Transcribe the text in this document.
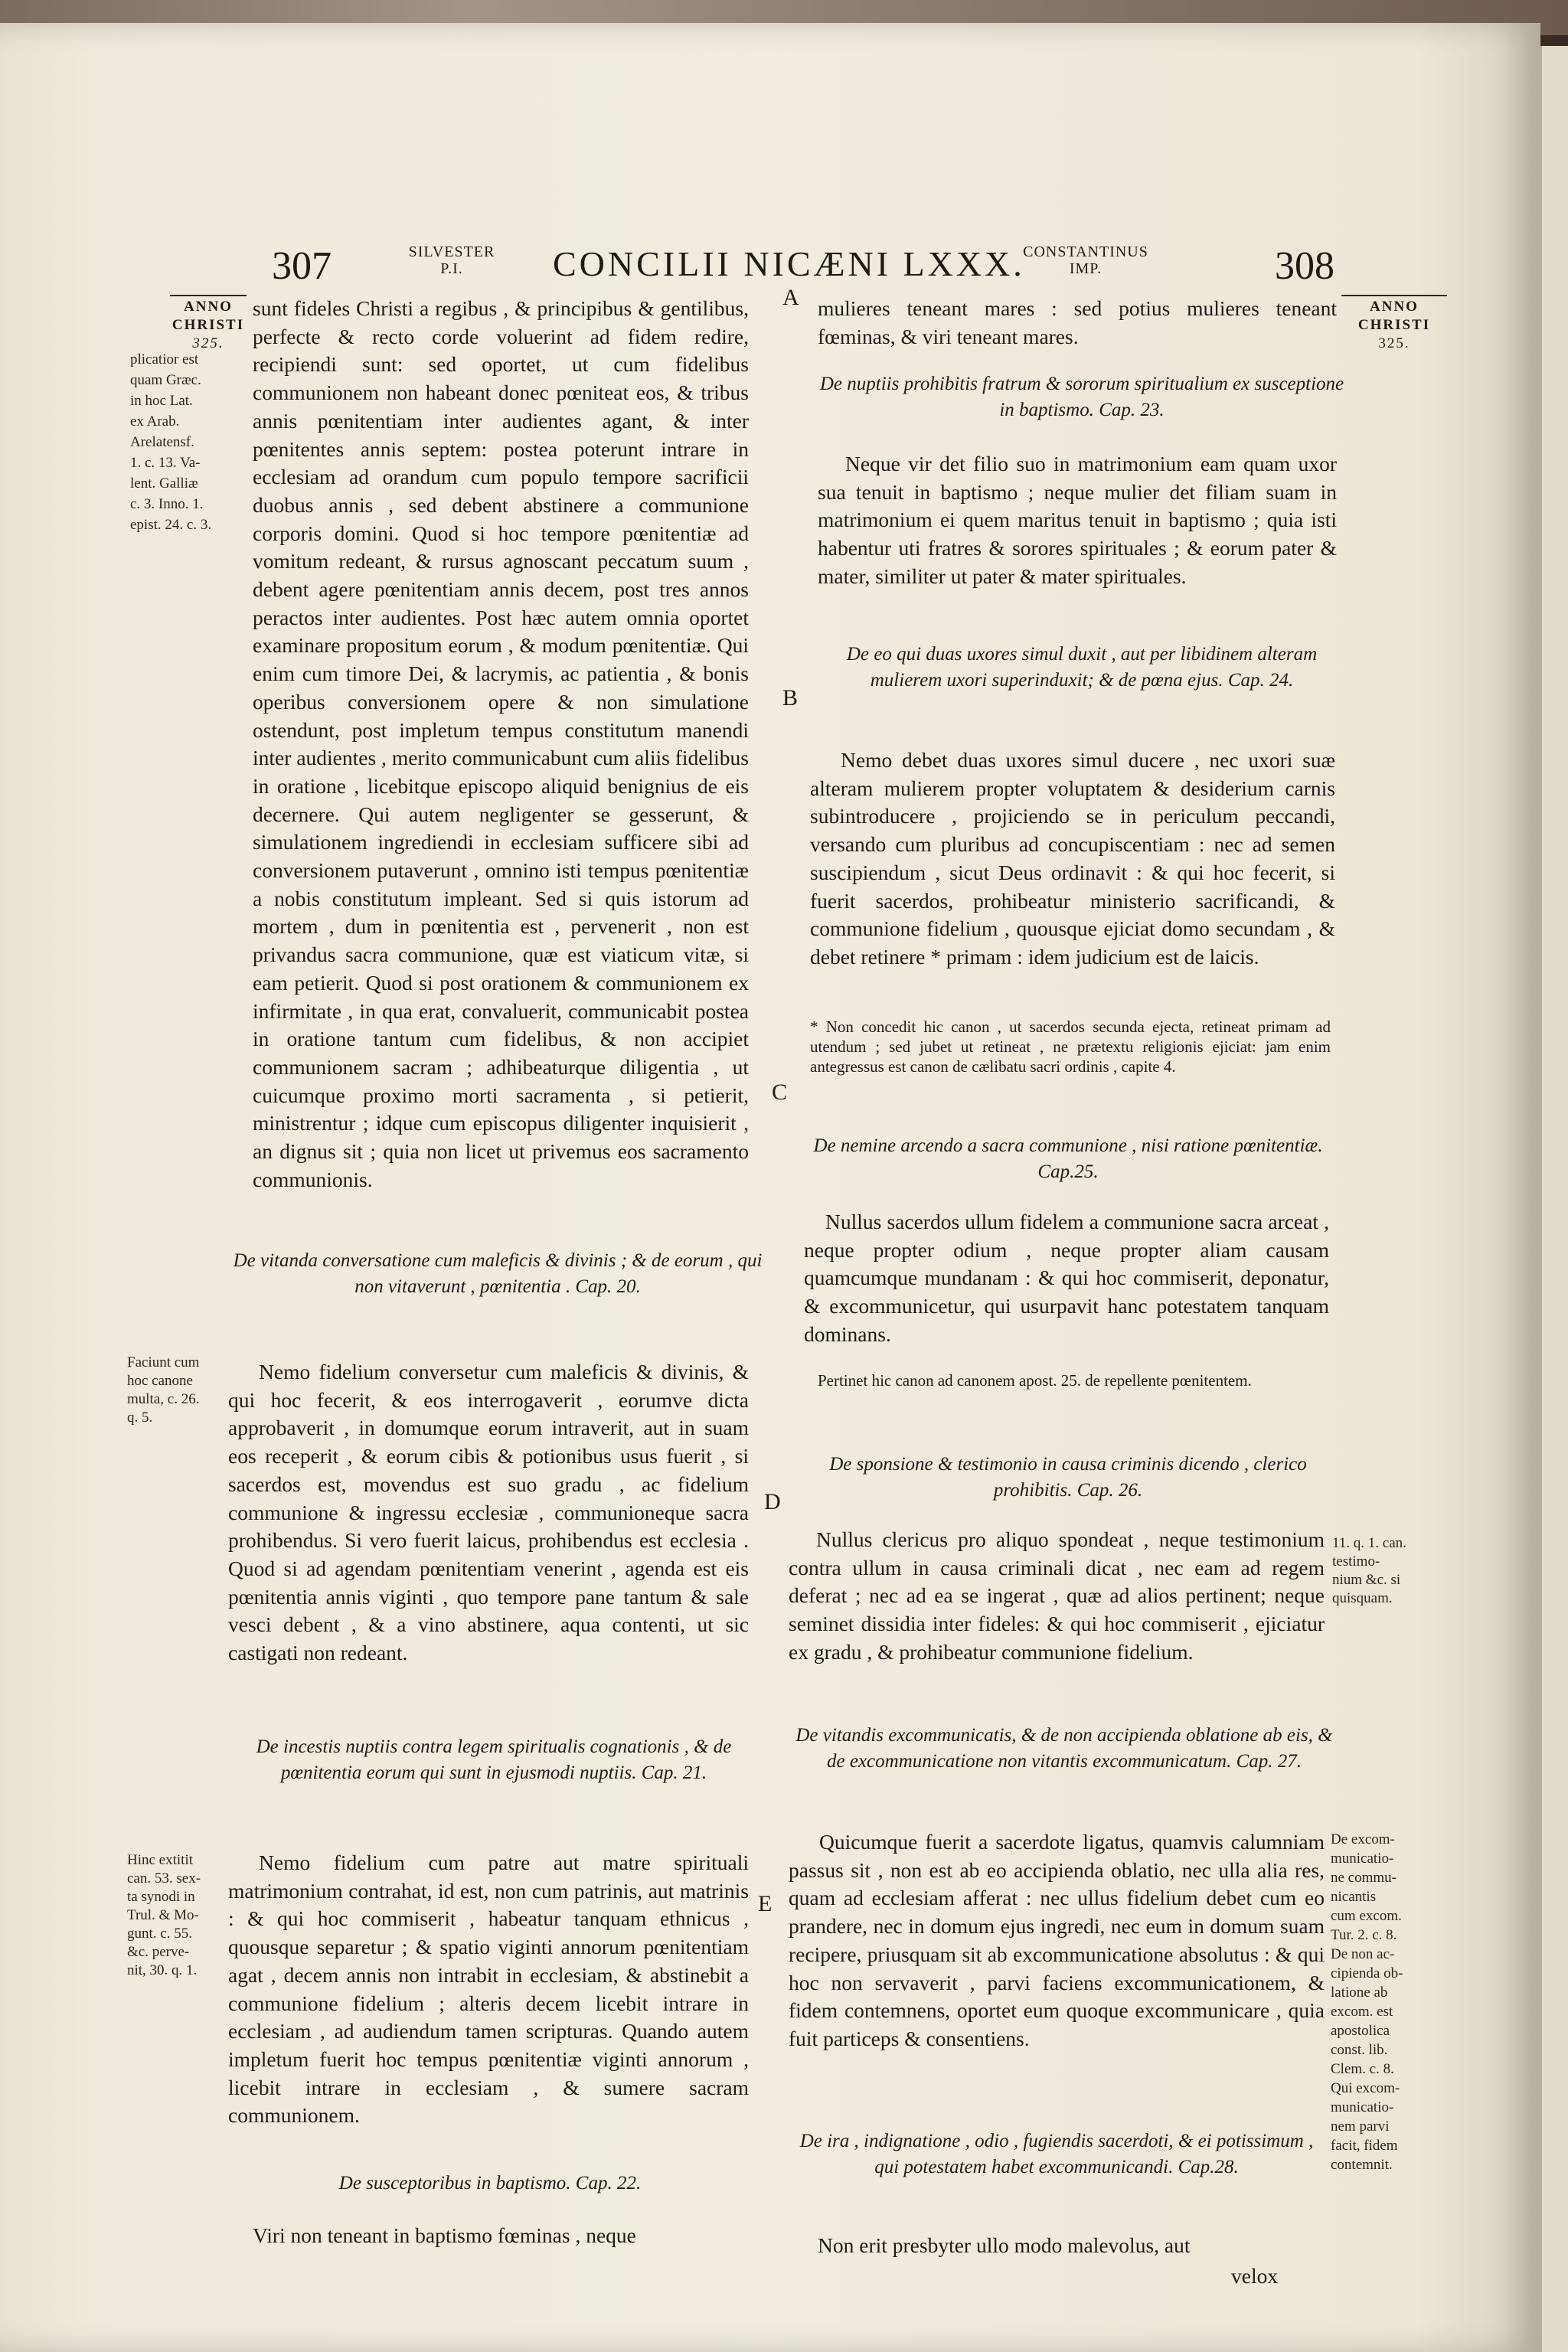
307	SILVESTER
P.I.	CONCILII NICÆNI LXXX.
CONSTANTINUS
IMP.	308
ANNO
CHRISTI
325.
ANNO
CHRISTI
325.
plicatior est
quam Græc.
in hoc Lat.
ex Arab.
Arelatensf.
1. c. 13. Va-
lent. Galliæ
c. 3. Inno. 1.
epist. 24. c. 3.

sunt fideles Christi a regibus , & principibus & gentilibus, perfecte & recto corde voluerint ad fidem redire, recipiendi sunt: sed oportet, ut cum fidelibus communionem non habeant donec pœniteat eos, & tribus annis pœnitentiam inter audientes agant, & inter pœnitentes annis septem: postea poterunt intrare in ecclesiam ad orandum cum populo tempore sacrificii duobus annis , sed debent abstinere a communione corporis domini. Quod si hoc tempore pœnitentiæ ad vomitum redeant, & rursus agnoscant peccatum suum , debent agere pœnitentiam annis decem, post tres annos peractos inter audientes. Post hæc autem omnia oportet examinare propositum eorum , & modum pœnitentiæ. Qui enim cum timore Dei, & lacrymis, ac patientia , & bonis operibus conversionem opere & non simulatione ostendunt, post impletum tempus constitutum manendi inter audientes , merito communicabunt cum aliis fidelibus in oratione , licebitque episcopo aliquid benignius de eis decernere. Qui autem negligenter se gesserunt, & simulationem ingrediendi in ecclesiam sufficere sibi ad conversionem putaverunt , omnino isti tempus pœnitentiæ a nobis constitutum impleant. Sed si quis istorum ad mortem , dum in pœnitentia est , pervenerit , non est privandus sacra communione, quæ est viaticum vitæ, si eam petierit. Quod si post orationem & communionem ex infirmitate , in qua erat, convaluerit, communicabit postea in oratione tantum cum fidelibus, & non accipiet communionem sacram ; adhibeaturque diligentia , ut cuicumque proximo morti sacramenta , si petierit, ministrentur ; idque cum episcopus diligenter inquisierit , an dignus sit ; quia non licet ut privemus eos sacramento communionis.

De vitanda conversatione cum maleficis & divinis ; & de eorum , qui non vitaverunt , pœnitentia . Cap. 20.
Faciunt cum
hoc canone
multa, c. 26.
q. 5.

Nemo fidelium conversetur cum maleficis & divinis, & qui hoc fecerit, & eos interrogaverit , eorumve dicta approbaverit , in domumque eorum intraverit, aut in suam eos receperit , & eorum cibis & potionibus usus fuerit , si sacerdos est, movendus est suo gradu , ac fidelium communione & ingressu ecclesiæ , communioneque sacra prohibendus. Si vero fuerit laicus, prohibendus est ecclesia . Quod si ad agendam pœnitentiam venerint , agenda est eis pœnitentia annis viginti , quo tempore pane tantum & sale vesci debent , & a vino abstinere, aqua contenti, ut sic castigati non redeant.

De incestis nuptiis contra legem spiritualis cognationis , & de pœnitentia eorum qui sunt in ejusmodi nuptiis. Cap. 21.
Hinc extitit
can. 53. sex-
ta synodi in
Trul. & Mo-
gunt. c. 55.
&c. perve-
nit, 30. q. 1.

Nemo fidelium cum patre aut matre spirituali matrimonium contrahat, id est, non cum patrinis, aut matrinis : & qui hoc commiserit , habeatur tanquam ethnicus , quousque separetur ; & spatio viginti annorum pœnitentiam agat , decem annis non intrabit in ecclesiam, & abstinebit a communione fidelium ; alteris decem licebit intrare in ecclesiam , ad audiendum tamen scripturas. Quando autem impletum fuerit hoc tempus pœnitentiæ viginti annorum , licebit intrare in ecclesiam , & sumere sacram communionem.

De susceptoribus in baptismo. Cap. 22.

Viri non teneant in baptismo fœminas , neque

A
B
C
D
E

mulieres teneant mares : sed potius mulieres teneant fœminas, & viri teneant mares.

De nuptiis prohibitis fratrum & sororum spiritualium ex susceptione in baptismo. Cap. 23.

Neque vir det filio suo in matrimonium eam quam uxor sua tenuit in baptismo ; neque mulier det filiam suam in matrimonium ei quem maritus tenuit in baptismo ; quia isti habentur uti fratres & sorores spirituales ; & eorum pater & mater, similiter ut pater & mater spirituales.

De eo qui duas uxores simul duxit , aut per libidinem alteram mulierem uxori superinduxit; & de pœna ejus. Cap. 24.

Nemo debet duas uxores simul ducere , nec uxori suæ alteram mulierem propter voluptatem & desiderium carnis subintroducere , projiciendo se in periculum peccandi, versando cum pluribus ad concupiscentiam : nec ad semen suscipiendum , sicut Deus ordinavit : & qui hoc fecerit, si fuerit sacerdos, prohibeatur ministerio sacrificandi, & communione fidelium , quousque ejiciat domo secundam , & debet retinere * primam : idem judicium est de laicis.

* Non concedit hic canon , ut sacerdos secunda ejecta, retineat primam ad utendum ; sed jubet ut retineat , ne prætextu religionis ejiciat: jam enim antegressus est canon de cælibatu sacri ordinis , capite 4.
De nemine arcendo a sacra communione , nisi ratione pœnitentiæ. Cap.25.

Nullus sacerdos ullum fidelem a communione sacra arceat , neque propter odium , neque propter aliam causam quamcumque mundanam : & qui hoc commiserit, deponatur, & excommunicetur, qui usurpavit hanc potestatem tanquam dominans.

Pertinet hic canon ad canonem apost. 25. de repellente pœnitentem.
De sponsione & testimonio in causa criminis dicendo , clerico prohibitis. Cap. 26.

Nullus clericus pro aliquo spondeat , neque testimonium contra ullum in causa criminali dicat , nec eam ad regem deferat ; nec ad ea se ingerat , quæ ad alios pertinent; neque seminet dissidia inter fideles: & qui hoc commiserit , ejiciatur ex gradu , & prohibeatur communione fidelium.

11. q. 1. can.
testimo-
nium &c. si
quisquam.
De vitandis excommunicatis, & de non accipienda oblatione ab eis, & de excommunicatione non vitantis excommunicatum. Cap. 27.

Quicumque fuerit a sacerdote ligatus, quamvis calumniam passus sit , non est ab eo accipienda oblatio, nec ulla alia res, quam ad ecclesiam afferat : nec ullus fidelium debet cum eo prandere, nec in domum ejus ingredi, nec eum in domum suam recipere, priusquam sit ab excommunicatione absolutus : & qui hoc non servaverit , parvi faciens excommunicationem, & fidem contemnens, oportet eum quoque excommunicare , quia fuit particeps & consentiens.

De excom-
municatio-
ne commu-
nicantis
cum excom.
Tur. 2. c. 8.
De non ac-
cipienda ob-
latione ab
excom. est
apostolica
const. lib.
Clem. c. 8.
Qui excom-
municatio-
nem parvi
facit, fidem
contemnit.
De ira , indignatione , odio , fugiendis sacerdoti, & ei potissimum , qui potestatem habet excommunicandi. Cap.28.

Non erit presbyter ullo modo malevolus, aut

velox
